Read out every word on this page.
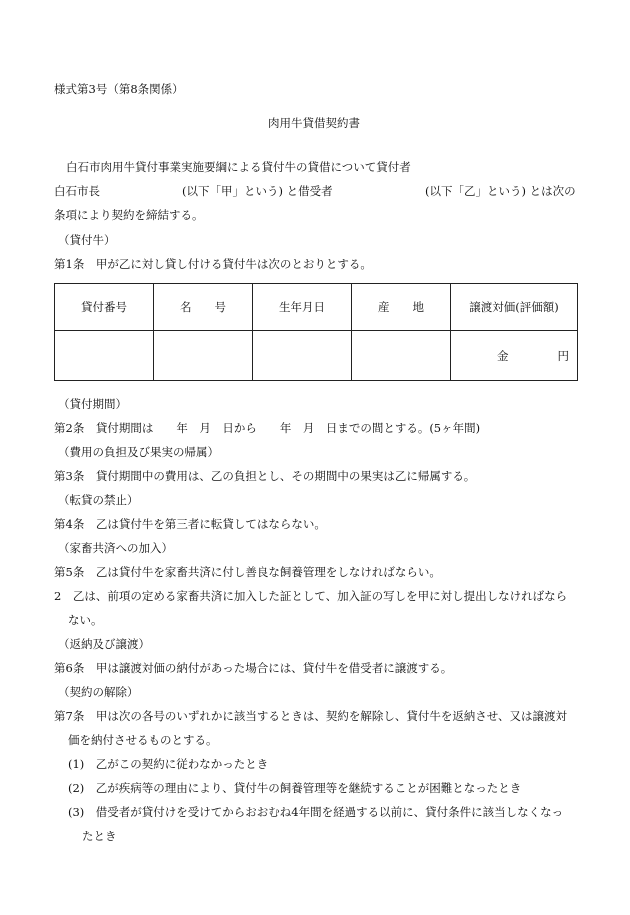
様式第3号（第8条関係）
肉用牛貸借契約書
白石市肉用牛貸付事業実施要綱による貸付牛の貸借について貸付者
白石市長	(以下「甲」という) と借受者	(以下「乙」という) とは次の
条項により契約を締結する。
（貸付牛）
第1条　甲が乙に対し貸し付ける貸付牛は次のとおりとする。
貸付番号	名　　号	生年月日	産　　地	譲渡対価(評価額)

				金 円
（貸付期間）
第2条　貸付期間は　　年　月　日から　　年　月　日までの間とする。(5ヶ年間)
（費用の負担及び果実の帰属）
第3条　貸付期間中の費用は、乙の負担とし、その期間中の果実は乙に帰属する。
（転貸の禁止）
第4条　乙は貸付牛を第三者に転貸してはならない。
（家畜共済への加入）
第5条　乙は貸付牛を家畜共済に付し善良な飼養管理をしなければならい。
2　乙は、前項の定める家畜共済に加入した証として、加入証の写しを甲に対し提出しなければなら
ない。
（返納及び譲渡）
第6条　甲は譲渡対価の納付があった場合には、貸付牛を借受者に譲渡する。
（契約の解除）
第7条　甲は次の各号のいずれかに該当するときは、契約を解除し、貸付牛を返納させ、又は譲渡対
価を納付させるものとする。
(1)　乙がこの契約に従わなかったとき
(2)　乙が疾病等の理由により、貸付牛の飼養管理等を継続することが困難となったとき
(3)　借受者が貸付けを受けてからおおむね4年間を経過する以前に、貸付条件に該当しなくなっ
たとき
